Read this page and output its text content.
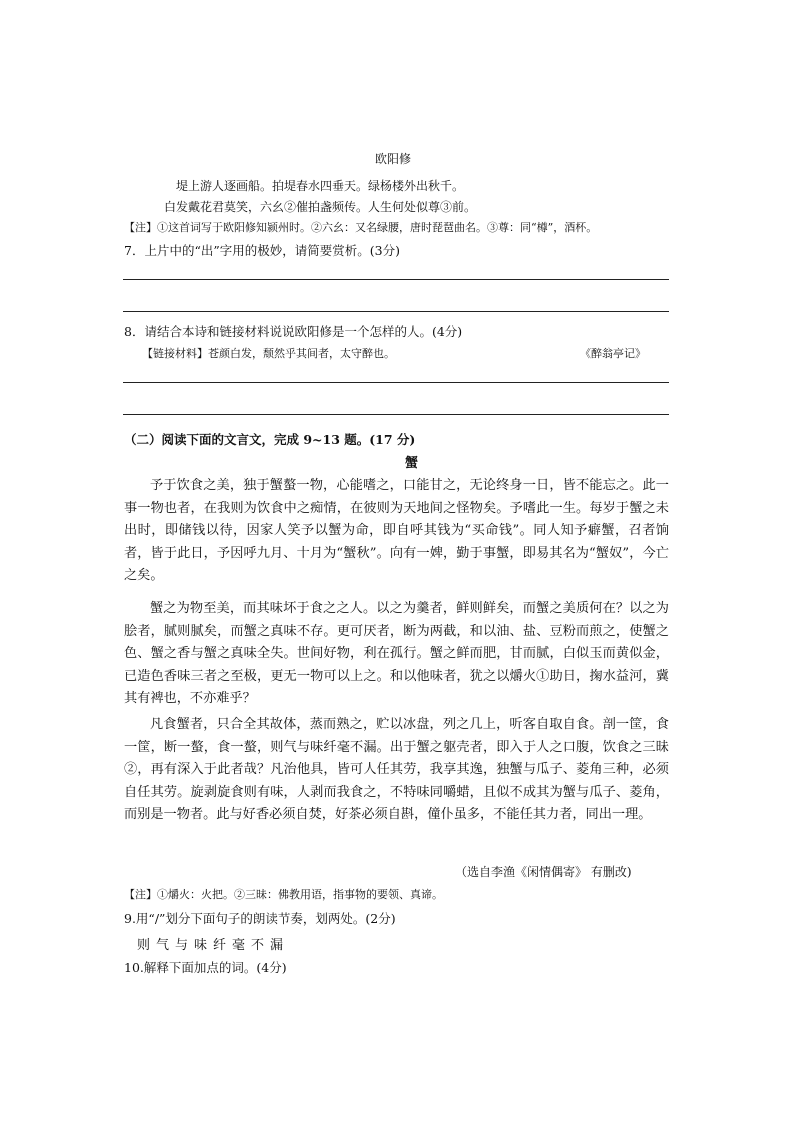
欧阳修
堤上游人逐画船。拍堤春水四垂天。绿杨楼外出秋千。
白发戴花君莫笑，六幺②催拍盏频传。人生何处似尊③前。
【注】①这首词写于欧阳修知颍州时。②六幺：又名绿腰，唐时琵琶曲名。③尊：同“樽”，酒杯。
7．上片中的“出”字用的极妙，请简要赏析。(3分)
8．请结合本诗和链接材料说说欧阳修是一个怎样的人。(4分)
【链接材料】苍颜白发，颓然乎其间者，太守醉也。	《醉翁亭记》
（二）阅读下面的文言文，完成 9~13 题。(17 分)
蟹
予于饮食之美，独于蟹螯一物，心能嗜之，口能甘之，无论终身一日，皆不能忘之。此一事一物也者，在我则为饮食中之痴情，在彼则为天地间之怪物矣。予嗜此一生。每岁于蟹之未出时，即储钱以待，因家人笑予以蟹为命，即自呼其钱为“买命钱”。同人知予癖蟹，召者饷者，皆于此日，予因呼九月、十月为“蟹秋”。向有一婢，勤于事蟹，即易其名为“蟹奴”，今亡之矣。
蟹之为物至美，而其味坏于食之之人。以之为羹者，鲜则鲜矣，而蟹之美质何在？以之为脍者，腻则腻矣，而蟹之真味不存。更可厌者，断为两截，和以油、盐、豆粉而煎之，使蟹之色、蟹之香与蟹之真味全失。世间好物，利在孤行。蟹之鲜而肥，甘而腻，白似玉而黄似金，已造色香味三者之至极，更无一物可以上之。和以他味者，犹之以爝火①助日，掬水益河，冀其有裨也，不亦难乎？
凡食蟹者，只合全其故体，蒸而熟之，贮以冰盘，列之几上，听客自取自食。剖一筐，食一筐，断一螯，食一螯，则气与味纤毫不漏。出于蟹之躯壳者，即入于人之口腹，饮食之三昧②，再有深入于此者哉？凡治他具，皆可人任其劳，我享其逸，独蟹与瓜子、菱角三种，必须自任其劳。旋剥旋食则有味，人剥而我食之，不特味同嚼蜡，且似不成其为蟹与瓜子、菱角，而别是一物者。此与好香必须自焚，好茶必须自斟，僮仆虽多，不能任其力者，同出一理。
（选自李渔《闲情偶寄》 有删改)
【注】①爝火：火把。②三昧：佛教用语，指事物的要领、真谛。
9.用“/”划分下面句子的朗读节奏，划两处。(2分)
则气与味纤毫不漏
10.解释下面加点的词。(4分)
